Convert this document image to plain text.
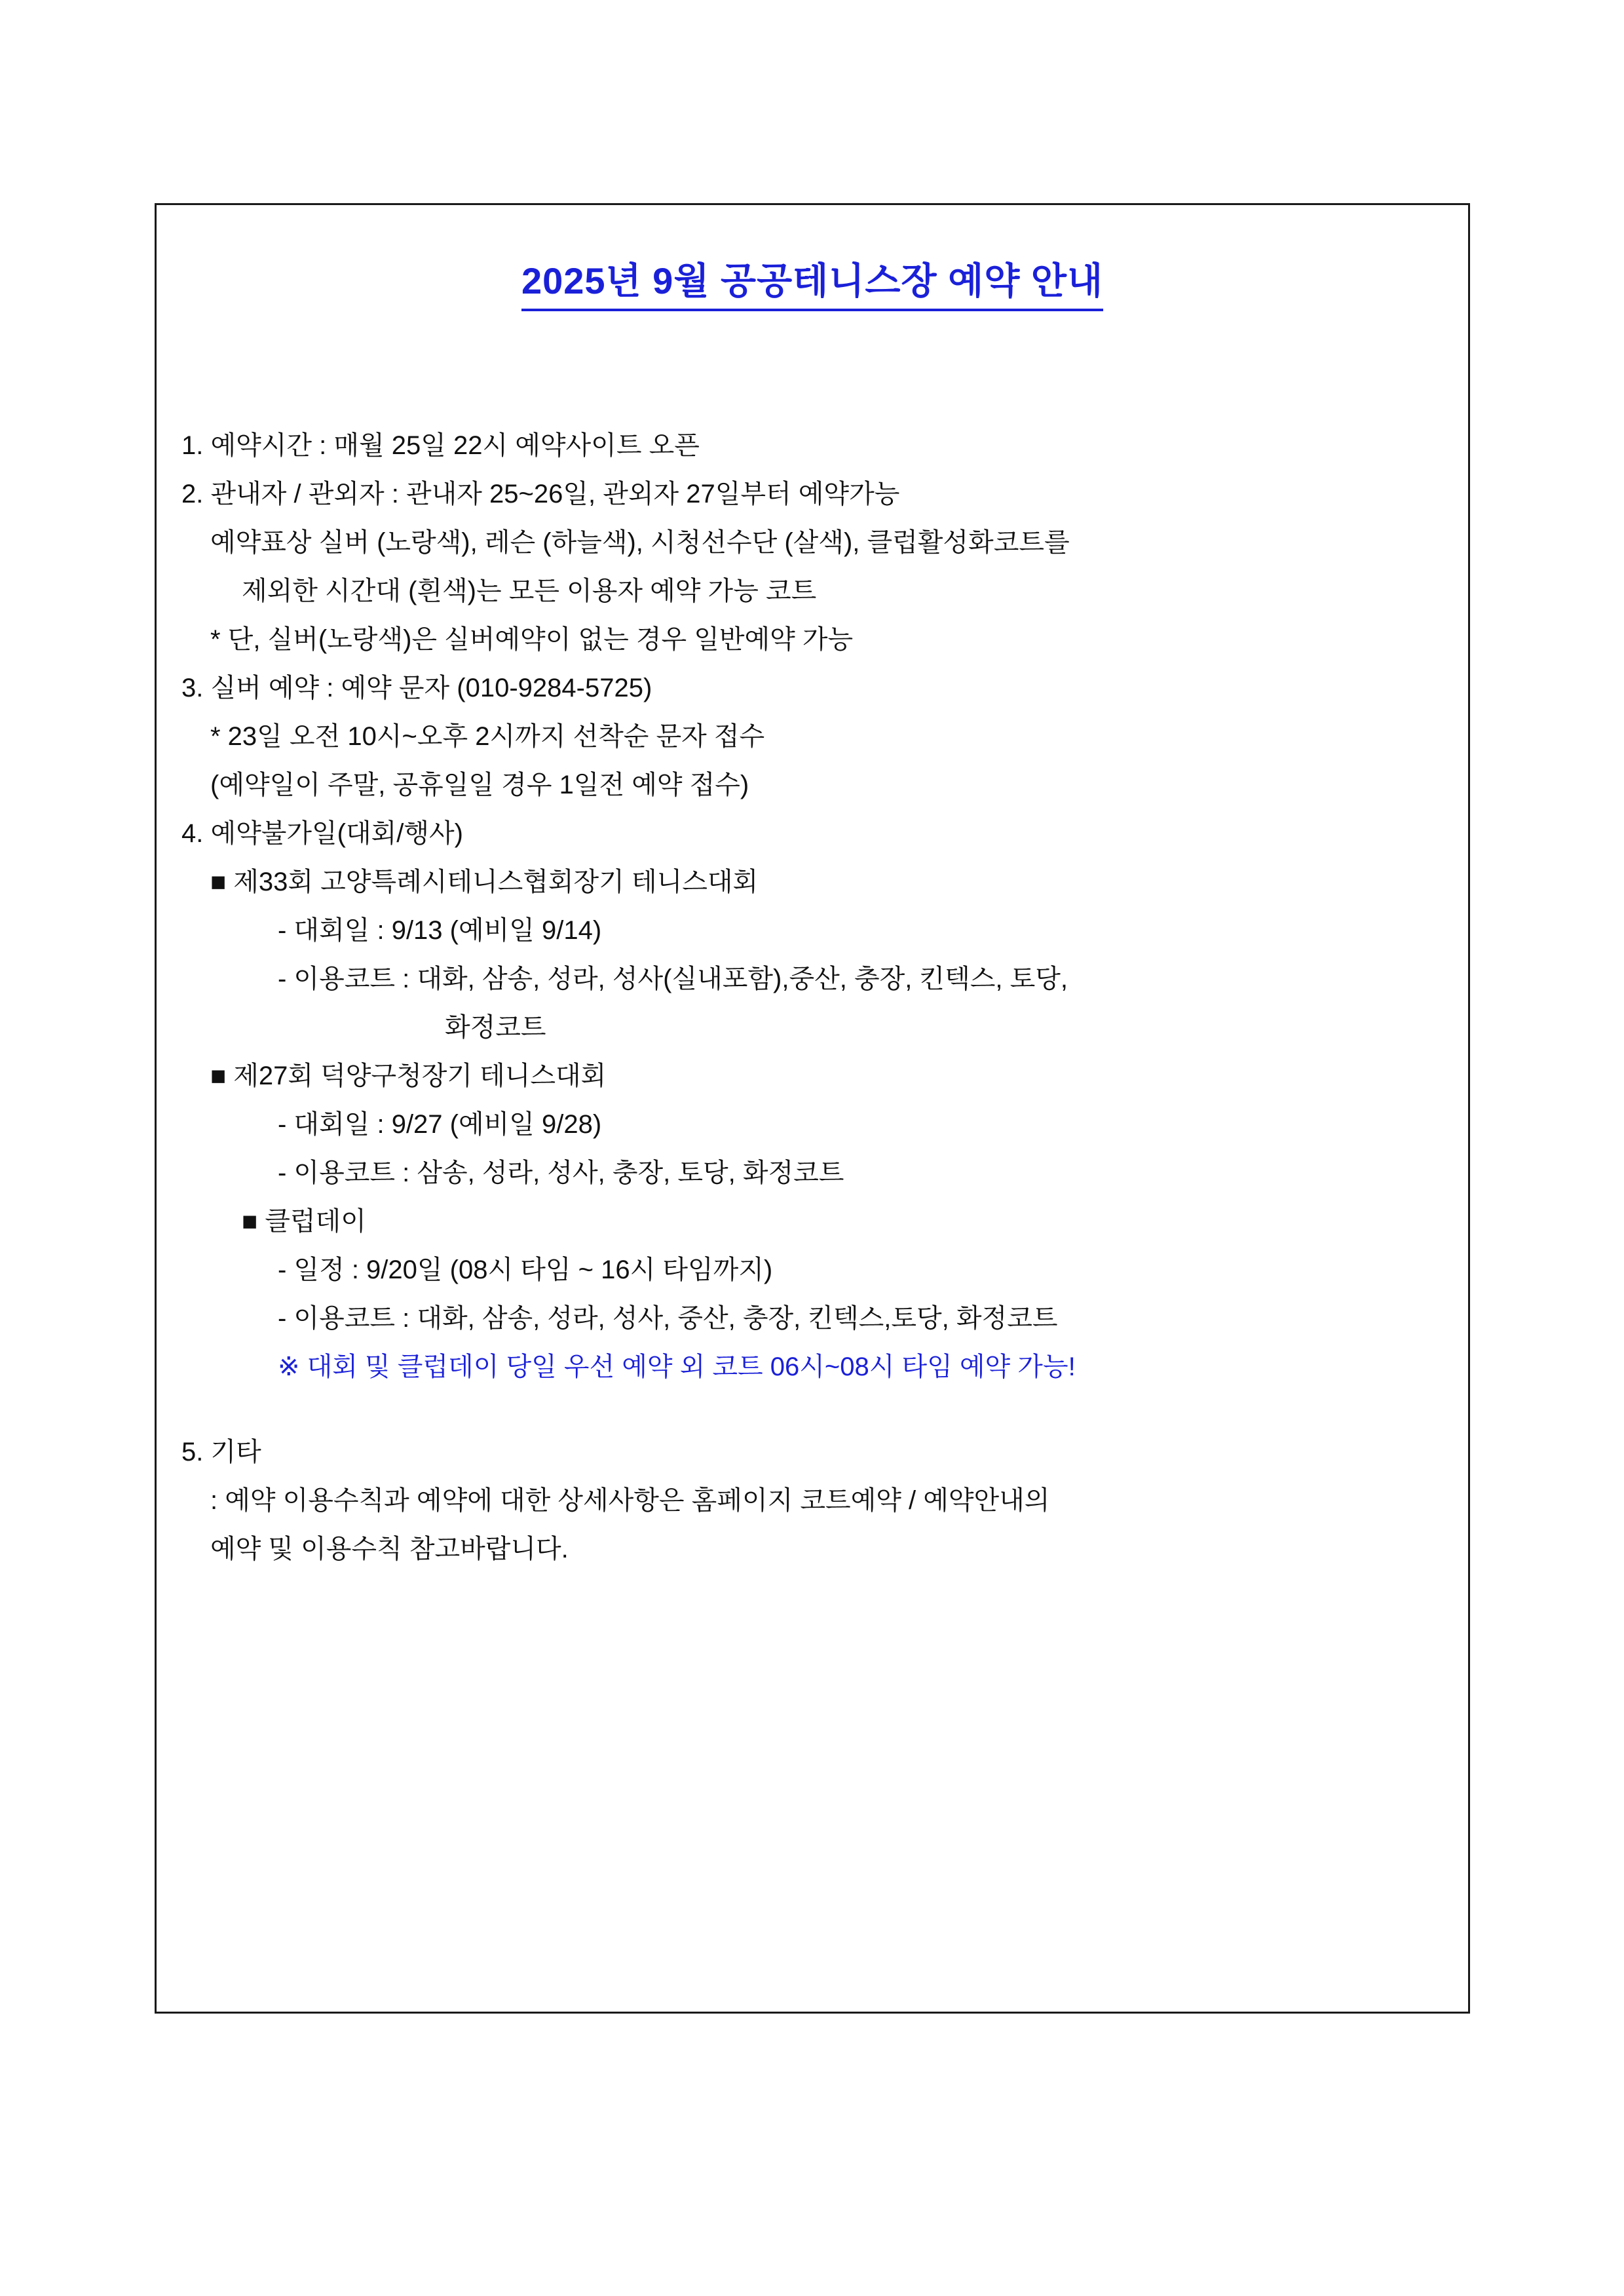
2025년 9월 공공테니스장 예약 안내
1. 예약시간 : 매월 25일 22시 예약사이트 오픈
2. 관내자 / 관외자 : 관내자 25~26일, 관외자 27일부터 예약가능
예약표상 실버 (노랑색), 레슨 (하늘색), 시청선수단 (살색), 클럽활성화코트를
제외한 시간대 (흰색)는 모든 이용자 예약 가능 코트
* 단, 실버(노랑색)은 실버예약이 없는 경우 일반예약 가능
3. 실버 예약 : 예약 문자 (010-9284-5725)
* 23일 오전 10시~오후 2시까지 선착순 문자 접수
(예약일이 주말, 공휴일일 경우 1일전 예약 접수)
4. 예약불가일(대회/행사)
■ 제33회 고양특례시테니스협회장기 테니스대회
- 대회일 : 9/13 (예비일 9/14)
- 이용코트 : 대화, 삼송, 성라, 성사(실내포함),중산, 충장, 킨텍스, 토당,
화정코트
■ 제27회 덕양구청장기 테니스대회
- 대회일 : 9/27 (예비일 9/28)
- 이용코트 : 삼송, 성라, 성사, 충장, 토당, 화정코트
■ 클럽데이
- 일정 : 9/20일 (08시 타임 ~ 16시 타임까지)
- 이용코트 : 대화, 삼송, 성라, 성사, 중산, 충장, 킨텍스,토당, 화정코트
※ 대회 및 클럽데이 당일 우선 예약 외 코트 06시~08시 타임 예약 가능!
5. 기타
: 예약 이용수칙과 예약에 대한 상세사항은 홈페이지 코트예약 / 예약안내의
예약 및 이용수칙 참고바랍니다.
